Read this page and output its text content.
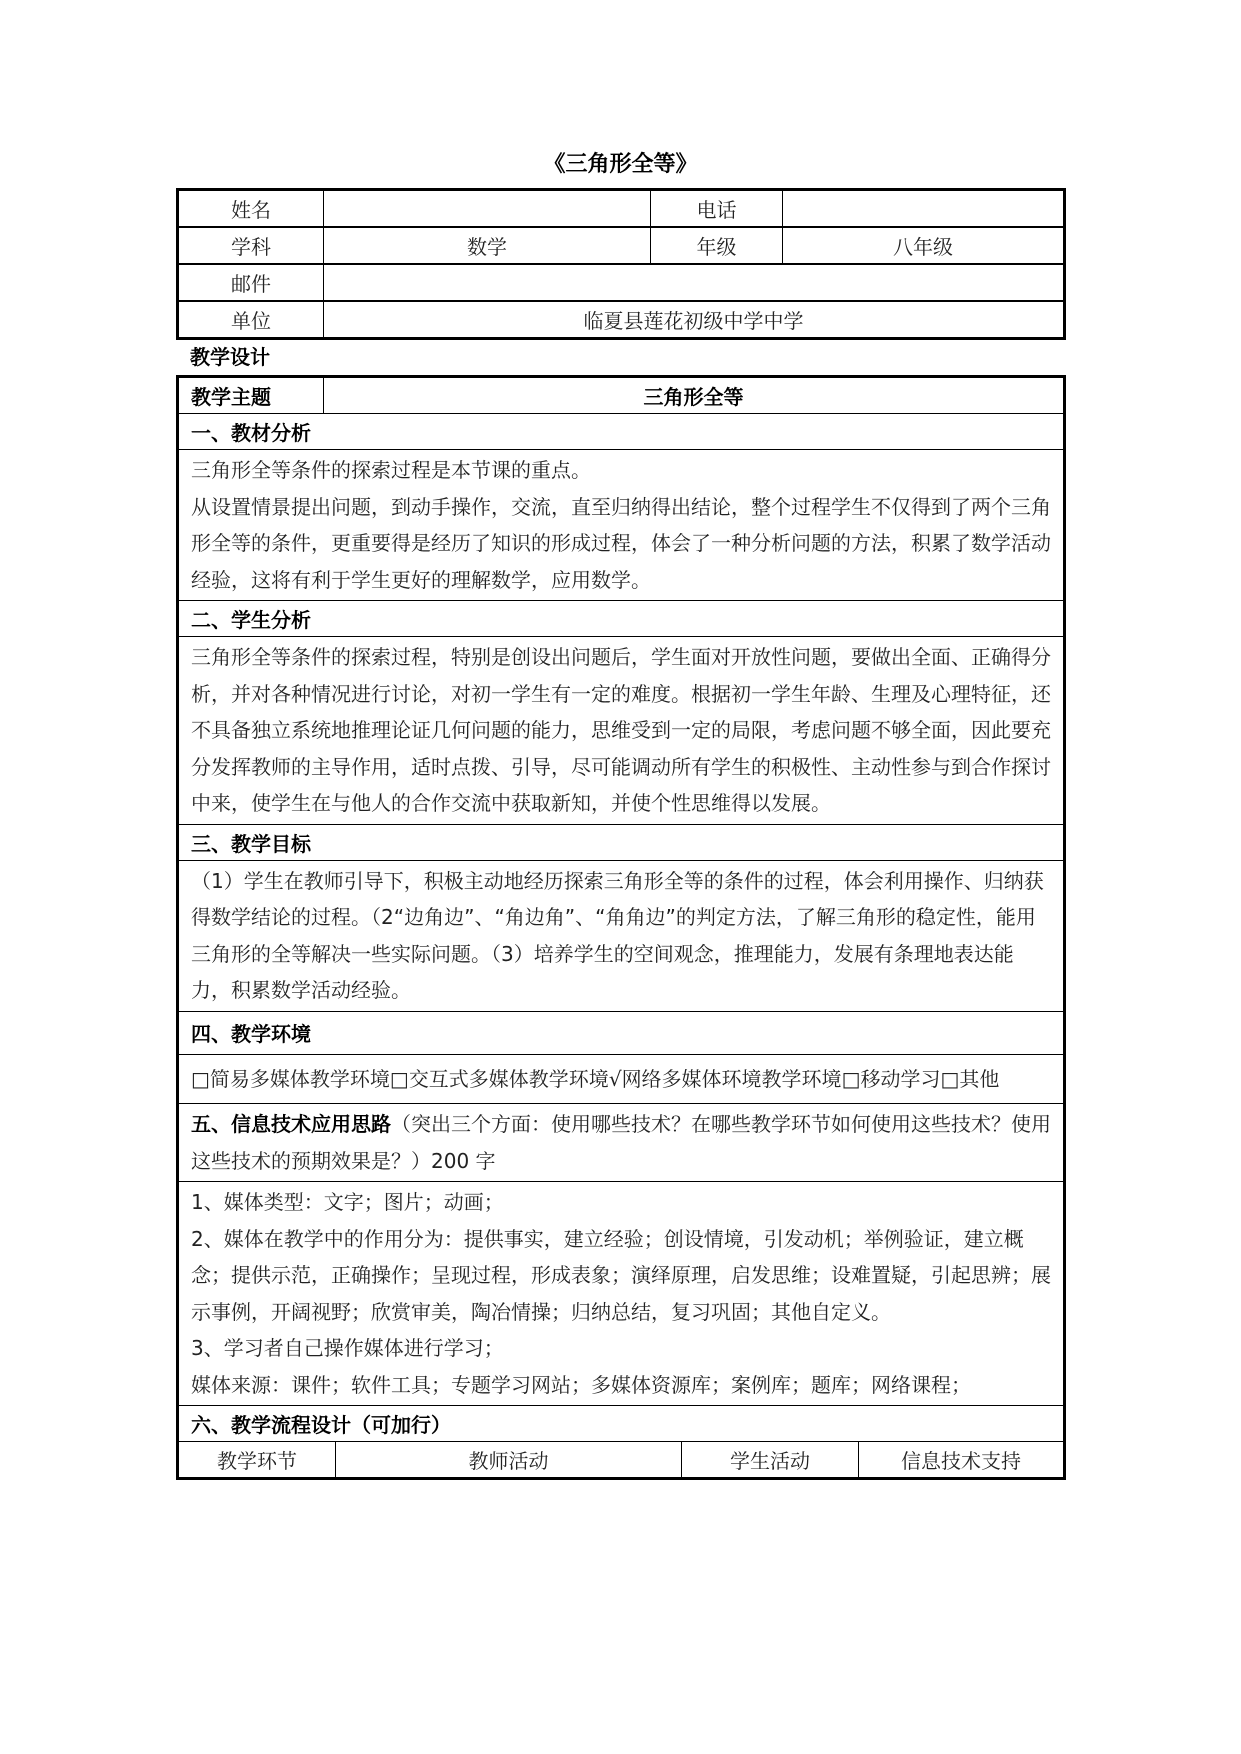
《三角形全等》
姓名		电话	
学科	数学	年级	八年级
邮件			
单位	临夏县莲花初级中学中学		
教学设计
教学主题	三角形全等			
一、教材分析				

三角形全等条件的探索过程是本节课的重点。

从设置情景提出问题，到动手操作，交流，直至归纳得出结论，整个过程学生不仅得到了两个三角形全等的条件，更重要得是经历了知识的形成过程，体会了一种分析问题的方法，积累了数学活动经验，这将有利于学生更好的理解数学，应用数学。				

二、学生分析				

三角形全等条件的探索过程，特别是创设出问题后，学生面对开放性问题，要做出全面、正确得分析，并对各种情况进行讨论，对初一学生有一定的难度。根据初一学生年龄、生理及心理特征，还不具备独立系统地推理论证几何问题的能力，思维受到一定的局限，考虑问题不够全面，因此要充分发挥教师的主导作用，适时点拨、引导，尽可能调动所有学生的积极性、主动性参与到合作探讨中来，使学生在与他人的合作交流中获取新知，并使个性思维得以发展。				

三、教学目标				

（1）学生在教师引导下，积极主动地经历探索三角形全等的条件的过程，体会利用操作、归纳获得数学结论的过程。（2“边角边”、“角边角”、“角角边”的判定方法，了解三角形的稳定性，能用三角形的全等解决一些实际问题。（3）培养学生的空间观念，推理能力，发展有条理地表达能力，积累数学活动经验。				

四、教学环境				
□简易多媒体教学环境□交互式多媒体教学环境√网络多媒体环境教学环境□移动学习□其他				
五、信息技术应用思路（突出三个方面：使用哪些技术？在哪些教学环节如何使用这些技术？使用这些技术的预期效果是？）200 字				

1、媒体类型：文字；图片；动画；

2、媒体在教学中的作用分为：提供事实，建立经验；创设情境，引发动机；举例验证，建立概念；提供示范，正确操作；呈现过程，形成表象；演绎原理，启发思维；设难置疑，引起思辨；展示事例，开阔视野；欣赏审美，陶冶情操；归纳总结，复习巩固；其他自定义。

3、学习者自己操作媒体进行学习；

媒体来源：课件；软件工具；专题学习网站；多媒体资源库；案例库；题库；网络课程；				

六、教学流程设计（可加行）				
教学环节		教师活动	学生活动	信息技术支持
